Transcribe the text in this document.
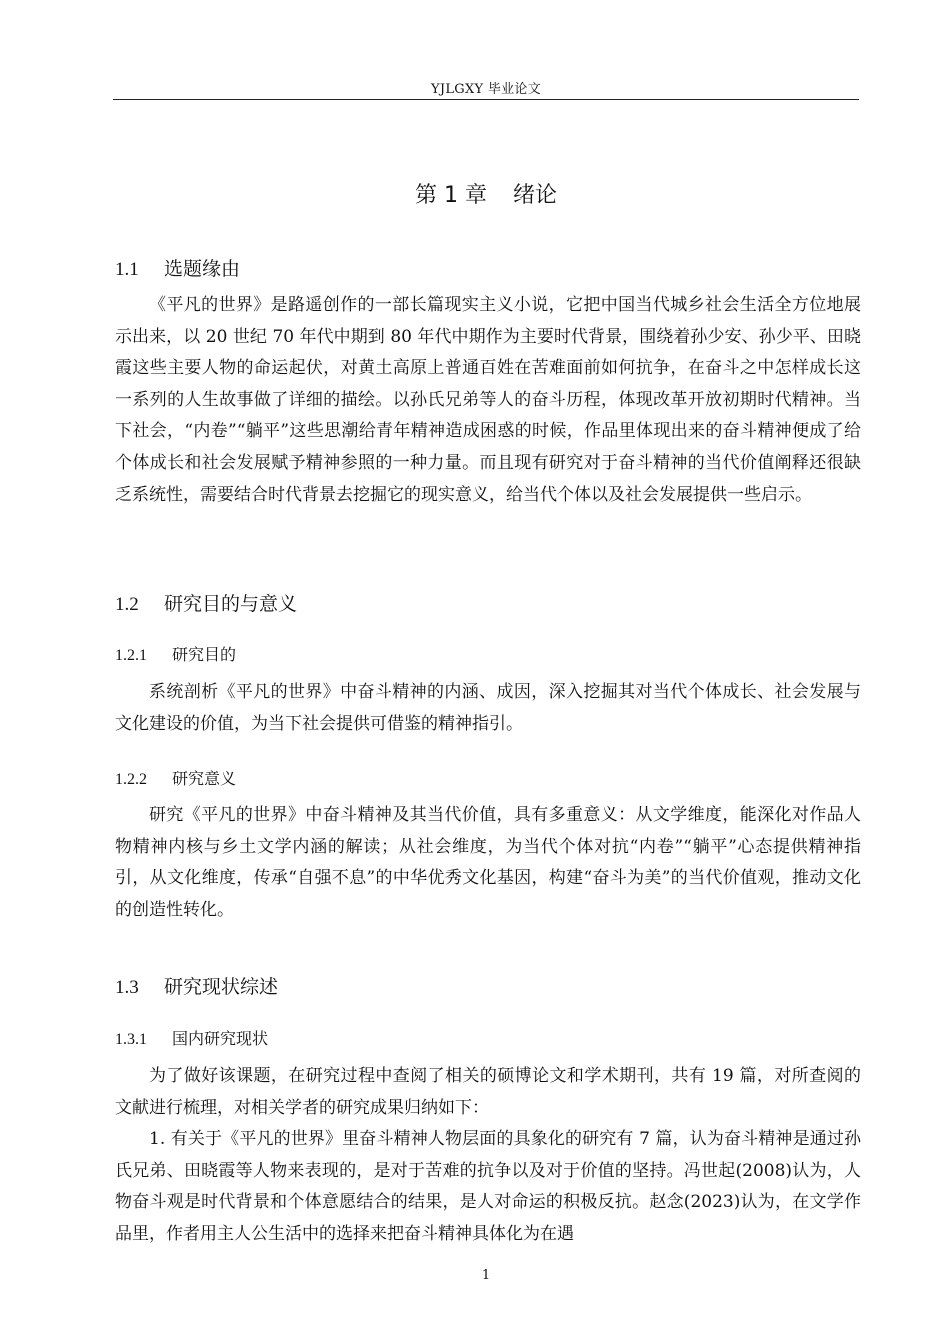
YJLGXY 毕业论文
第 1 章 绪论
1.1 选题缘由

《平凡的世界》是路遥创作的一部长篇现实主义小说，它把中国当代城乡社会生活全方位地展示出来，以 20 世纪 70 年代中期到 80 年代中期作为主要时代背景，围绕着孙少安、孙少平、田晓霞这些主要人物的命运起伏，对黄土高原上普通百姓在苦难面前如何抗争，在奋斗之中怎样成长这一系列的人生故事做了详细的描绘。以孙氏兄弟等人的奋斗历程，体现改革开放初期时代精神。当下社会，“内卷”“躺平”这些思潮给青年精神造成困惑的时候，作品里体现出来的奋斗精神便成了给个体成长和社会发展赋予精神参照的一种力量。而且现有研究对于奋斗精神的当代价值阐释还很缺乏系统性，需要结合时代背景去挖掘它的现实意义，给当代个体以及社会发展提供一些启示。

1.2 研究目的与意义
1.2.1 研究目的

系统剖析《平凡的世界》中奋斗精神的内涵、成因，深入挖掘其对当代个体成长、社会发展与文化建设的价值，为当下社会提供可借鉴的精神指引。

1.2.2 研究意义

研究《平凡的世界》中奋斗精神及其当代价值，具有多重意义：从文学维度，能深化对作品人物精神内核与乡土文学内涵的解读；从社会维度，为当代个体对抗“内卷”“躺平”心态提供精神指引，从文化维度，传承“自强不息”的中华优秀文化基因，构建“奋斗为美”的当代价值观，推动文化的创造性转化。

1.3 研究现状综述
1.3.1 国内研究现状

为了做好该课题，在研究过程中查阅了相关的硕博论文和学术期刊，共有 19 篇，对所查阅的文献进行梳理，对相关学者的研究成果归纳如下：

1. 有关于《平凡的世界》里奋斗精神人物层面的具象化的研究有 7 篇，认为奋斗精神是通过孙氏兄弟、田晓霞等人物来表现的，是对于苦难的抗争以及对于价值的坚持。冯世起(2008)认为，人物奋斗观是时代背景和个体意愿结合的结果，是人对命运的积极反抗。赵念(2023)认为，在文学作品里，作者用主人公生活中的选择来把奋斗精神具体化为在遇

1
